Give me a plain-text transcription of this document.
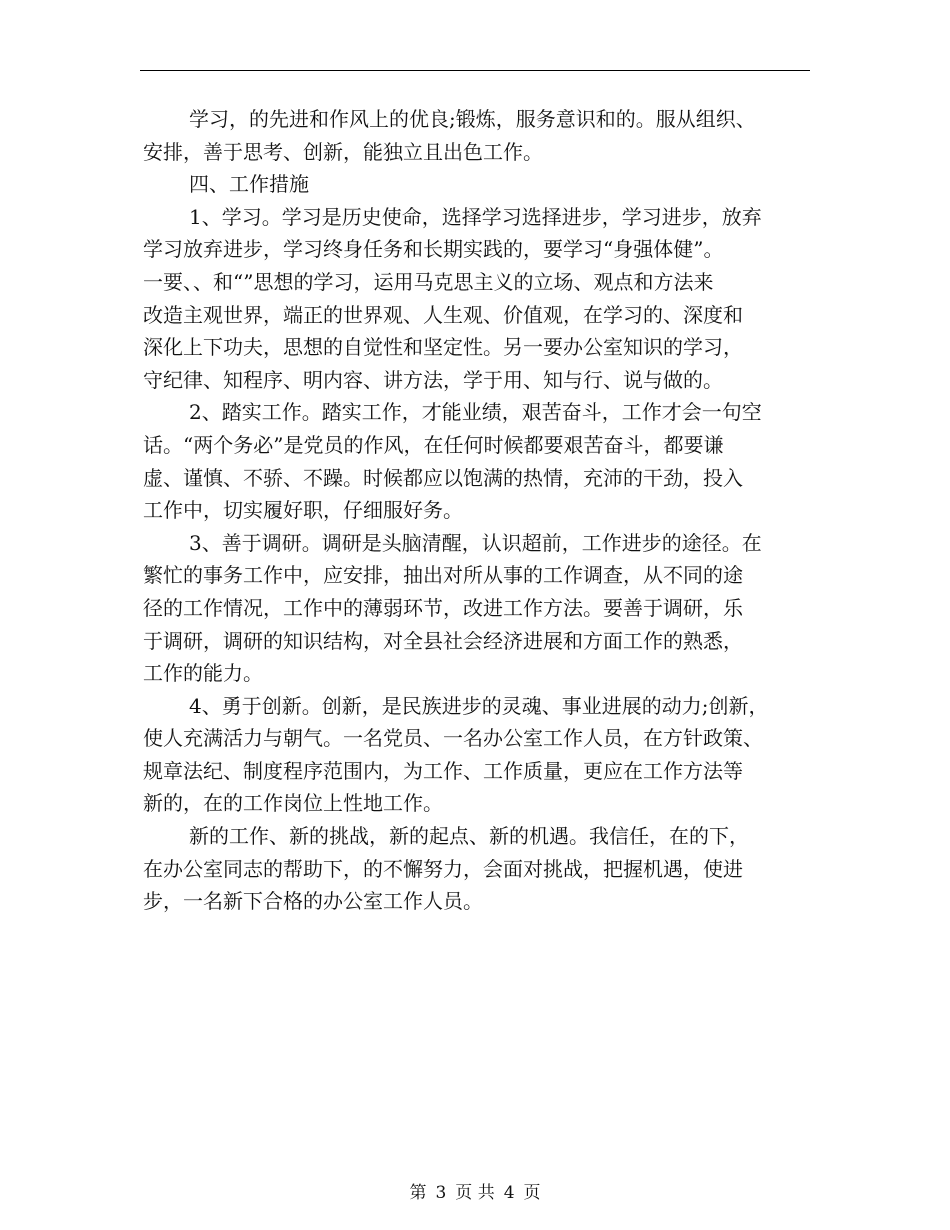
学习，的先进和作风上的优良;锻炼，服务意识和的。服从组织、
安排，善于思考、创新，能独立且出色工作。
四、工作措施
1、学习。学习是历史使命，选择学习选择进步，学习进步，放弃
学习放弃进步，学习终身任务和长期实践的，要学习“身强体健”。
一要、、和“”思想的学习，运用马克思主义的立场、观点和方法来
改造主观世界，端正的世界观、人生观、价值观，在学习的、深度和
深化上下功夫，思想的自觉性和坚定性。另一要办公室知识的学习，
守纪律、知程序、明内容、讲方法，学于用、知与行、说与做的。
2、踏实工作。踏实工作，才能业绩，艰苦奋斗，工作才会一句空
话。“两个务必”是党员的作风，在任何时候都要艰苦奋斗，都要谦
虚、谨慎、不骄、不躁。时候都应以饱满的热情，充沛的干劲，投入
工作中，切实履好职，仔细服好务。
3、善于调研。调研是头脑清醒，认识超前，工作进步的途径。在
繁忙的事务工作中，应安排，抽出对所从事的工作调查，从不同的途
径的工作情况，工作中的薄弱环节，改进工作方法。要善于调研，乐
于调研，调研的知识结构，对全县社会经济进展和方面工作的熟悉，
工作的能力。
4、勇于创新。创新，是民族进步的灵魂、事业进展的动力;创新，
使人充满活力与朝气。一名党员、一名办公室工作人员，在方针政策、
规章法纪、制度程序范围内，为工作、工作质量，更应在工作方法等
新的，在的工作岗位上性地工作。
新的工作、新的挑战，新的起点、新的机遇。我信任，在的下，
在办公室同志的帮助下，的不懈努力，会面对挑战，把握机遇，使进
步，一名新下合格的办公室工作人员。
第 3 页 共 4 页
